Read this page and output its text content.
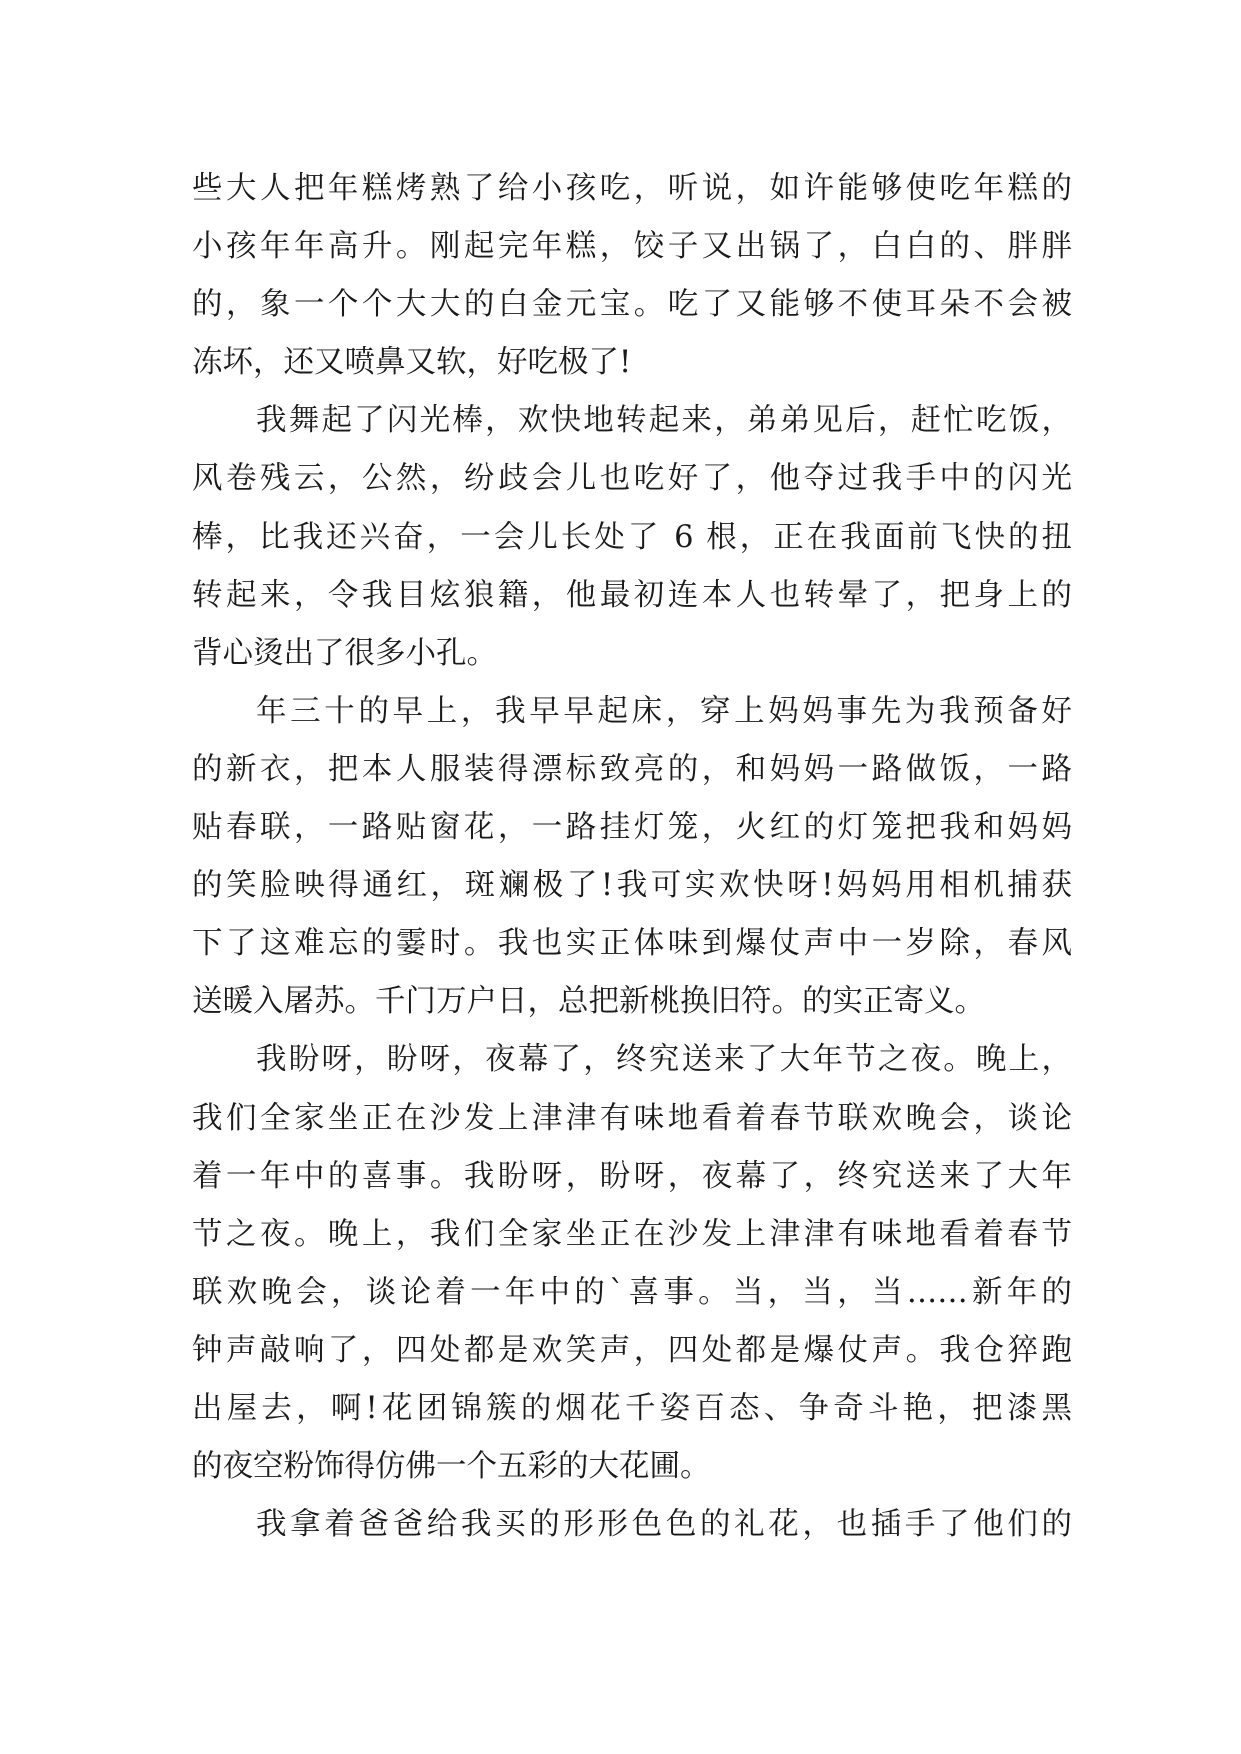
些大人把年糕烤熟了给小孩吃，听说，如许能够使吃年糕的
小孩年年高升。刚起完年糕，饺子又出锅了，白白的、胖胖
的，象一个个大大的白金元宝。吃了又能够不使耳朵不会被
冻坏，还又喷鼻又软，好吃极了!
我舞起了闪光棒，欢快地转起来，弟弟见后，赶忙吃饭，
风卷残云，公然，纷歧会儿也吃好了，他夺过我手中的闪光
棒，比我还兴奋，一会儿长处了 6 根，正在我面前飞快的扭
转起来，令我目炫狼籍，他最初连本人也转晕了，把身上的
背心烫出了很多小孔。
年三十的早上，我早早起床，穿上妈妈事先为我预备好
的新衣，把本人服装得漂标致亮的，和妈妈一路做饭，一路
贴春联，一路贴窗花，一路挂灯笼，火红的灯笼把我和妈妈
的笑脸映得通红，斑斓极了!我可实欢快呀!妈妈用相机捕获
下了这难忘的霎时。我也实正体味到爆仗声中一岁除，春风
送暖入屠苏。千门万户日，总把新桃换旧符。的实正寄义。
我盼呀，盼呀，夜幕了，终究送来了大年节之夜。晚上，
我们全家坐正在沙发上津津有味地看着春节联欢晚会，谈论
着一年中的喜事。我盼呀，盼呀，夜幕了，终究送来了大年
节之夜。晚上，我们全家坐正在沙发上津津有味地看着春节
联欢晚会，谈论着一年中的`喜事。当，当，当……新年的
钟声敲响了，四处都是欢笑声，四处都是爆仗声。我仓猝跑
出屋去，啊!花团锦簇的烟花千姿百态、争奇斗艳，把漆黑
的夜空粉饰得仿佛一个五彩的大花圃。
我拿着爸爸给我买的形形色色的礼花，也插手了他们的
